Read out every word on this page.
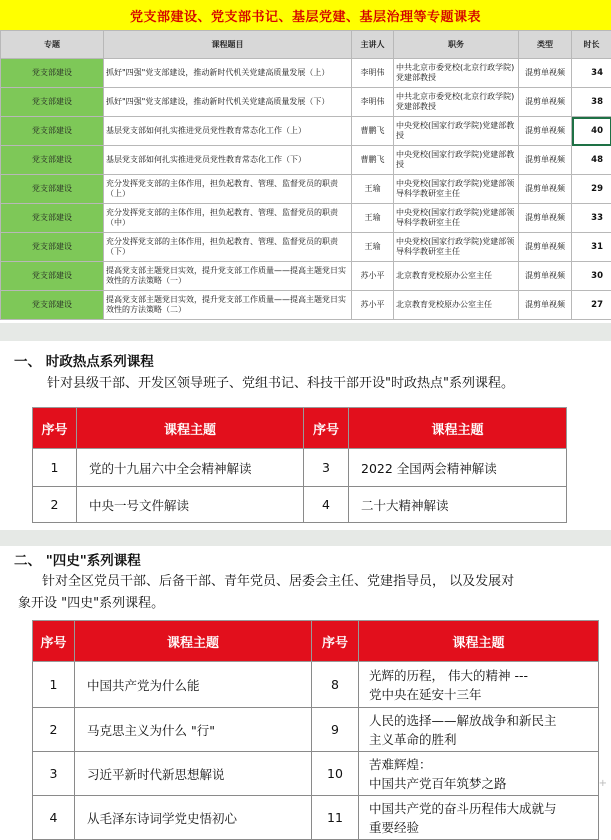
党支部建设、党支部书记、基层党建、基层治理等专题课表
专题	课程题目	主讲人	职务	类型	时长
党支部建设	抓好"四强"党支部建设，推动新时代机关党建高质量发展（上）	李明伟	中共北京市委党校(北京行政学院)党建部教授	混剪单视频	34
党支部建设	抓好"四强"党支部建设，推动新时代机关党建高质量发展（下）	李明伟	中共北京市委党校(北京行政学院)党建部教授	混剪单视频	38
党支部建设	基层党支部如何扎实推进党员党性教育常态化工作（上）	曹鹏飞	中央党校(国家行政学院)党建部教授	混剪单视频	40
党支部建设	基层党支部如何扎实推进党员党性教育常态化工作（下）	曹鹏飞	中央党校(国家行政学院)党建部教授	混剪单视频	48
党支部建设	充分发挥党支部的主体作用，担负起教育、管理、监督党员的职责（上）	王瑜	中央党校(国家行政学院)党建部领导科学教研室主任	混剪单视频	29
党支部建设	充分发挥党支部的主体作用，担负起教育、管理、监督党员的职责（中）	王瑜	中央党校(国家行政学院)党建部领导科学教研室主任	混剪单视频	33
党支部建设	充分发挥党支部的主体作用，担负起教育、管理、监督党员的职责（下）	王瑜	中央党校(国家行政学院)党建部领导科学教研室主任	混剪单视频	31
党支部建设	提高党支部主题党日实效，提升党支部工作质量——提高主题党日实效性的方法策略（一）	苏小平	北京教育党校原办公室主任	混剪单视频	30
党支部建设	提高党支部主题党日实效，提升党支部工作质量——提高主题党日实效性的方法策略（二）	苏小平	北京教育党校原办公室主任	混剪单视频	27
一、 时政热点系列课程
针对县级干部、开发区领导班子、党组书记、科技干部开设"时政热点"系列课程。
序号	课程主题	序号	课程主题
1	党的十九届六中全会精神解读	3	2022 全国两会精神解读
2	中央一号文件解读	4	二十大精神解读
二、 "四史"系列课程
针对全区党员干部、后备干部、青年党员、居委会主任、党建指导员， 以及发展对
象开设 "四史"系列课程。
序号	课程主题	序号	课程主题
1	中国共产党为什么能	8	光辉的历程， 伟大的精神 ---
党中央在延安十三年
2	马克思主义为什么 "行"	9	人民的选择——解放战争和新民主
主义革命的胜利
3	习近平新时代新思想解说	10	苦难辉煌：
中国共产党百年筑梦之路
4	从毛泽东诗词学党史悟初心	11	中国共产党的奋斗历程伟大成就与
重要经验
+
